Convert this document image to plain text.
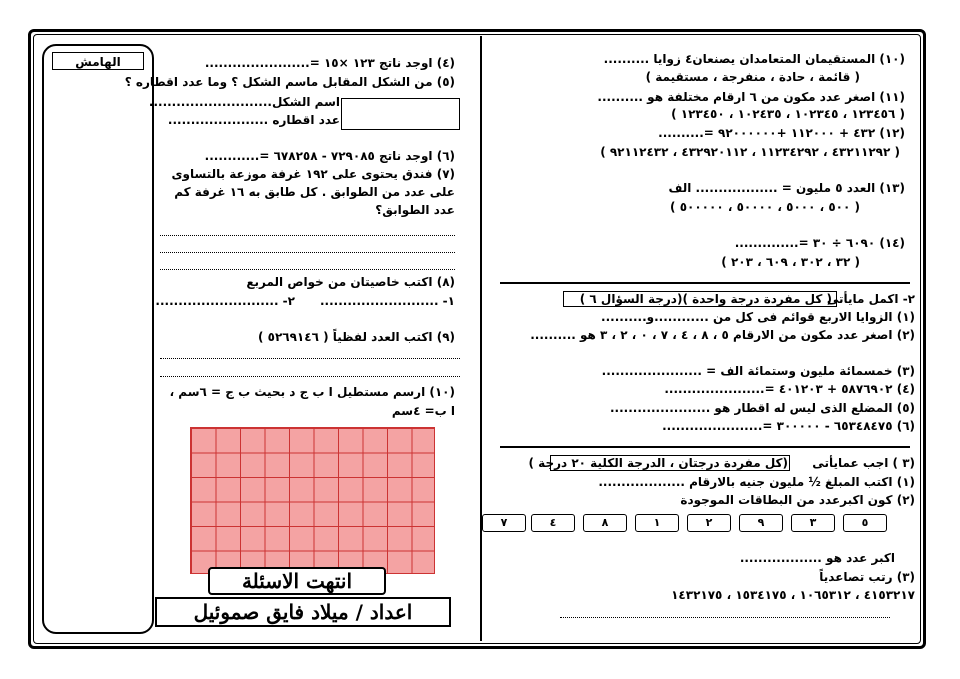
الهامش	(٤) اوجد ناتج ١٢٣ ×١٥ =.......................
(٥) من الشكل المقابل ماسم الشكل ؟ وما عدد اقطاره ؟
اسم الشكل...........................
عدد اقطاره ......................
(٦) اوجد ناتج ٧٢٩٠٨٥ - ٦٧٨٢٥٨ =............
(٧) فندق يحتوى على ١٩٢ غرفة موزعة بالتساوى
على عدد من الطوابق . كل طابق به ١٦ غرفة كم
عدد الطوابق؟
(٨) اكتب خاصيتان من خواص المربع
١- ..........................
٢- ...........................
(٩) اكتب العدد لفظياً ( ٥٢٦٩١٤٦ )
(١٠) ارسم مستطيل ا ب ج د بحيث ب ج = ٦سم ،
ا ب= ٤سم
انتهت الاسئلة
اعداد / ميلاد فايق صموئيل
(١٠) المستقيمان المتعامدان يصنعان٤ زوايا ..........
( قائمة ، حادة ، منفرجة ، مستقيمة )
(١١) اصغر عدد مكون من ٦ ارقام مختلفة هو ..........
( ١٢٣٤٥٦ ، ١٠٢٣٤٥ ، ١٠٢٤٣٥ ، ١٢٣٤٥٠ )
(١٢) ٤٣٢ + ١١٢٠٠٠ +٩٢٠٠٠٠٠٠ =..........
( ٤٣٢١١٢٩٢ ، ١١٢٣٤٢٩٢ ، ٤٣٢٩٢٠١١٢ ، ٩٢١١٢٤٣٢ )
(١٣) العدد ٥ مليون = .................. الف
( ٥٠٠ ، ٥٠٠٠ ، ٥٠٠٠٠ ، ٥٠٠٠٠٠ )
(١٤) ٦٠٩٠ ÷ ٣٠ =..............
( ٣٢ ، ٣٠٢ ، ٦٠٩ ، ٢٠٣ )
٢- اكمل مايأتى
( كل مفردة درجة واحدة )(درجة السؤال ٦ )
(١) الزوايا الاربع قوائم فى كل من ............و..........
(٢) اصغر عدد مكون من الارقام ٥ ، ٨ ، ٤ ، ٧ ، ٠ ، ٢ ، ٣ هو ..........
(٣) خمسمائة مليون وستمائة الف = ......................
(٤) ٥٨٧٦٩٠٢ + ٤٠١٢٠٣ =......................
(٥) المضلع الذى ليس له اقطار هو ......................
(٦) ٦٥٣٤٨٤٧٥ - ٣٠٠٠٠٠ =......................
(٣ ) اجب عمايأتى
(كل مفردة درجتان ، الدرجة الكلية ٢٠ درجة )
(١) اكتب المبلغ ½ مليون جنيه بالارقام ...................
(٢) كون اكبرعدد من البطاقات الموجودة
٥
٣
٩
٢
١
٨
٤
٧
اكبر عدد هو ..................
(٣) رتب تصاعدياً
٤١٥٣٢١٧ ، ١٠٦٥٣١٢ ، ١٥٣٤١٧٥ ، ١٤٣٢١٧٥
